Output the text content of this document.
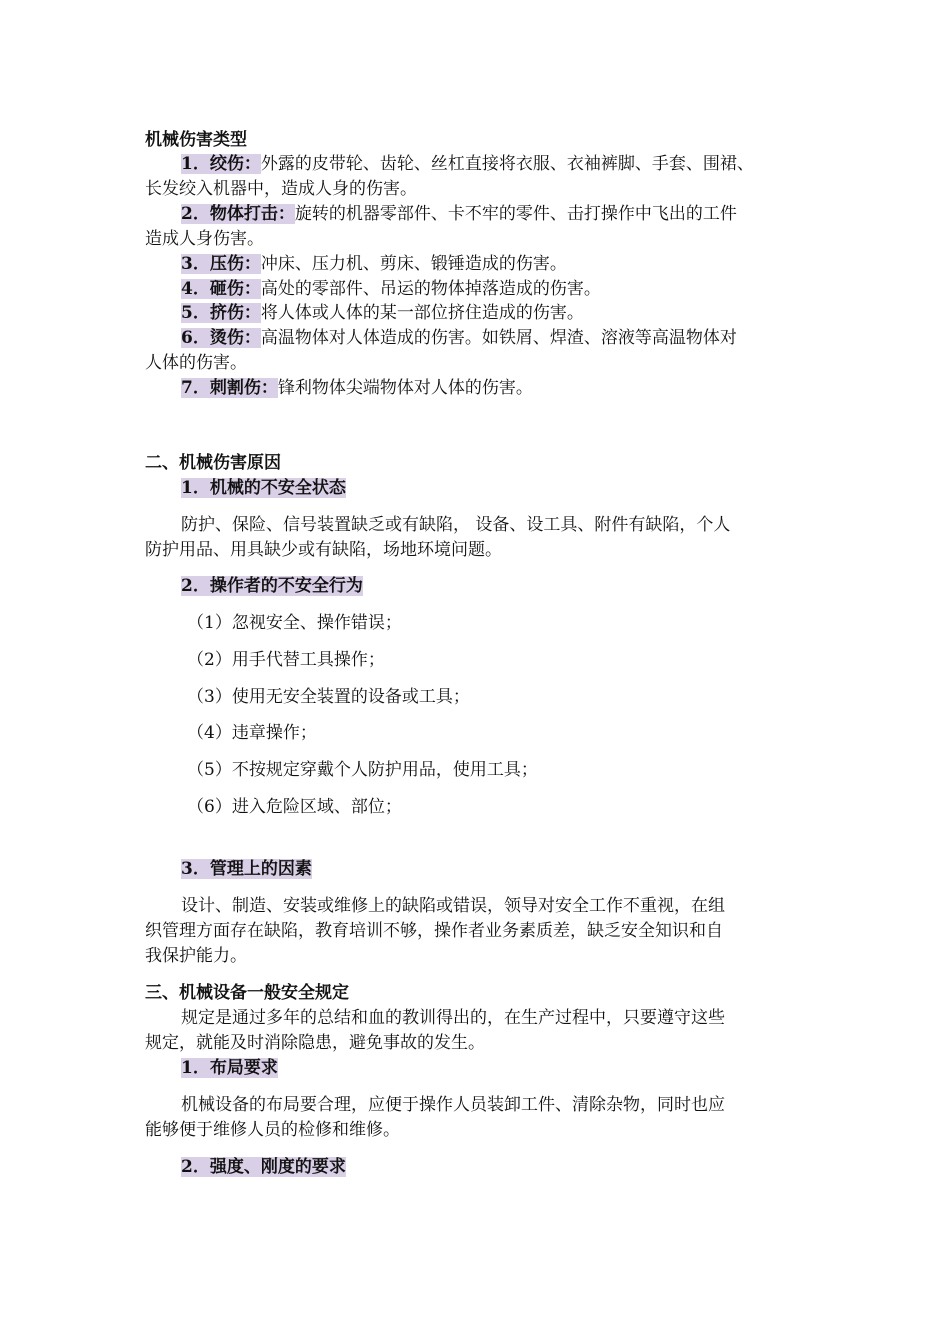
机械伤害类型
1．绞伤：外露的皮带轮、齿轮、丝杠直接将衣服、衣袖裤脚、手套、围裙、
长发绞入机器中，造成人身的伤害。
2．物体打击：旋转的机器零部件、卡不牢的零件、击打操作中飞出的工件
造成人身伤害。
3．压伤：冲床、压力机、剪床、锻锤造成的伤害。
4．砸伤：高处的零部件、吊运的物体掉落造成的伤害。
5．挤伤：将人体或人体的某一部位挤住造成的伤害。
6．烫伤：高温物体对人体造成的伤害。如铁屑、焊渣、溶液等高温物体对
人体的伤害。
7．刺割伤：锋利物体尖端物体对人体的伤害。
二、机械伤害原因
1．机械的不安全状态
防护、保险、信号装置缺乏或有缺陷， 设备、设工具、附件有缺陷，个人
防护用品、用具缺少或有缺陷，场地环境问题。
2．操作者的不安全行为
（1）忽视安全、操作错误；
（2）用手代替工具操作；
（3）使用无安全装置的设备或工具；
（4）违章操作；
（5）不按规定穿戴个人防护用品，使用工具；
（6）进入危险区域、部位；
3．管理上的因素
设计、制造、安装或维修上的缺陷或错误，领导对安全工作不重视，在组
织管理方面存在缺陷，教育培训不够，操作者业务素质差，缺乏安全知识和自
我保护能力。
三、机械设备一般安全规定
规定是通过多年的总结和血的教训得出的，在生产过程中，只要遵守这些
规定，就能及时消除隐患，避免事故的发生。
1．布局要求
机械设备的布局要合理，应便于操作人员装卸工件、清除杂物，同时也应
能够便于维修人员的检修和维修。
2．强度、刚度的要求
